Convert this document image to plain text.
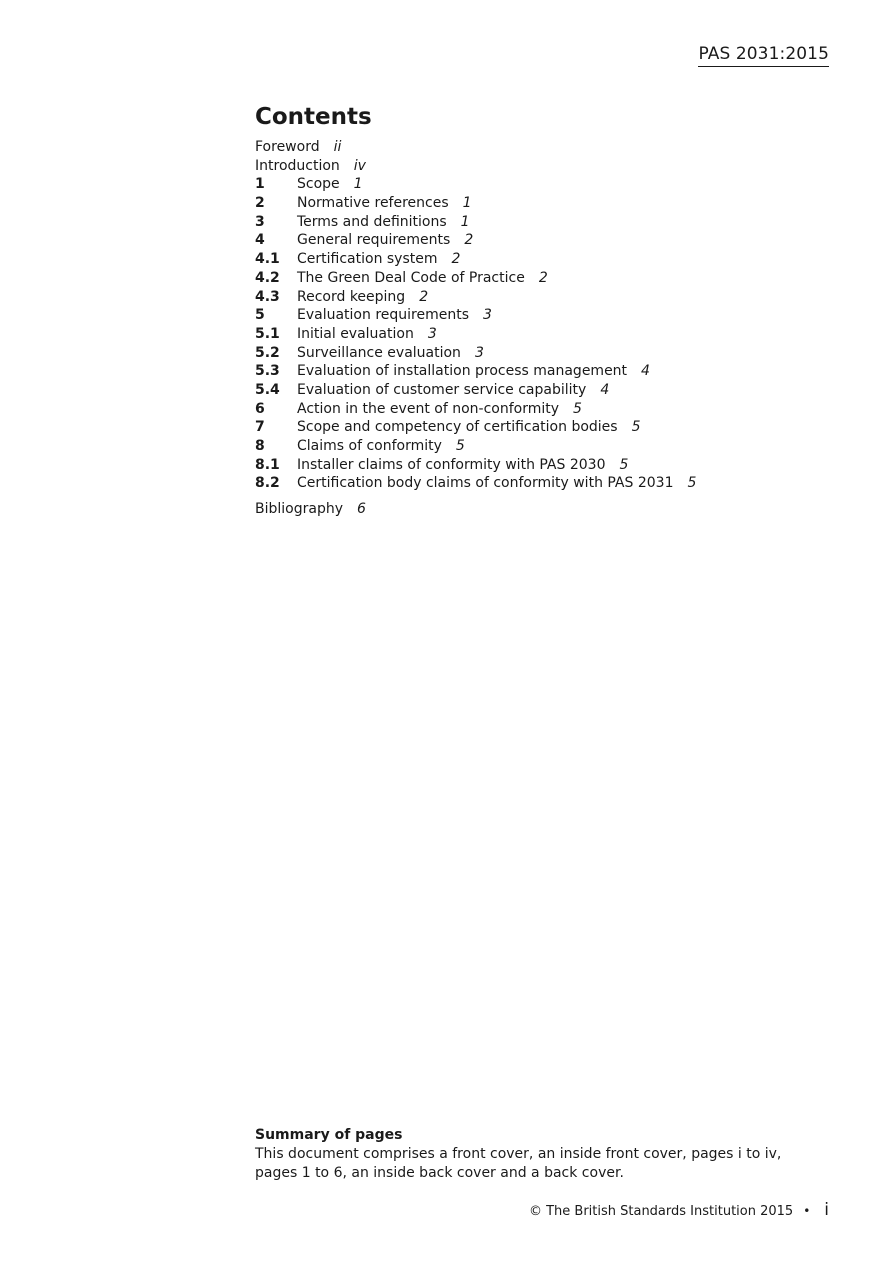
PAS 2031:2015
Contents
Foreword ii
Introduction iv
1 Scope 1
2 Normative references 1
3 Terms and definitions 1
4 General requirements 2
4.1 Certification system 2
4.2 The Green Deal Code of Practice 2
4.3 Record keeping 2
5 Evaluation requirements 3
5.1 Initial evaluation 3
5.2 Surveillance evaluation 3
5.3 Evaluation of installation process management 4
5.4 Evaluation of customer service capability 4
6 Action in the event of non-conformity 5
7 Scope and competency of certification bodies 5
8 Claims of conformity 5
8.1 Installer claims of conformity with PAS 2030 5
8.2 Certification body claims of conformity with PAS 2031 5
Bibliography 6
Summary of pages
This document comprises a front cover, an inside front cover, pages i to iv,
pages 1 to 6, an inside back cover and a back cover.
© The British Standards Institution 2015 • i
